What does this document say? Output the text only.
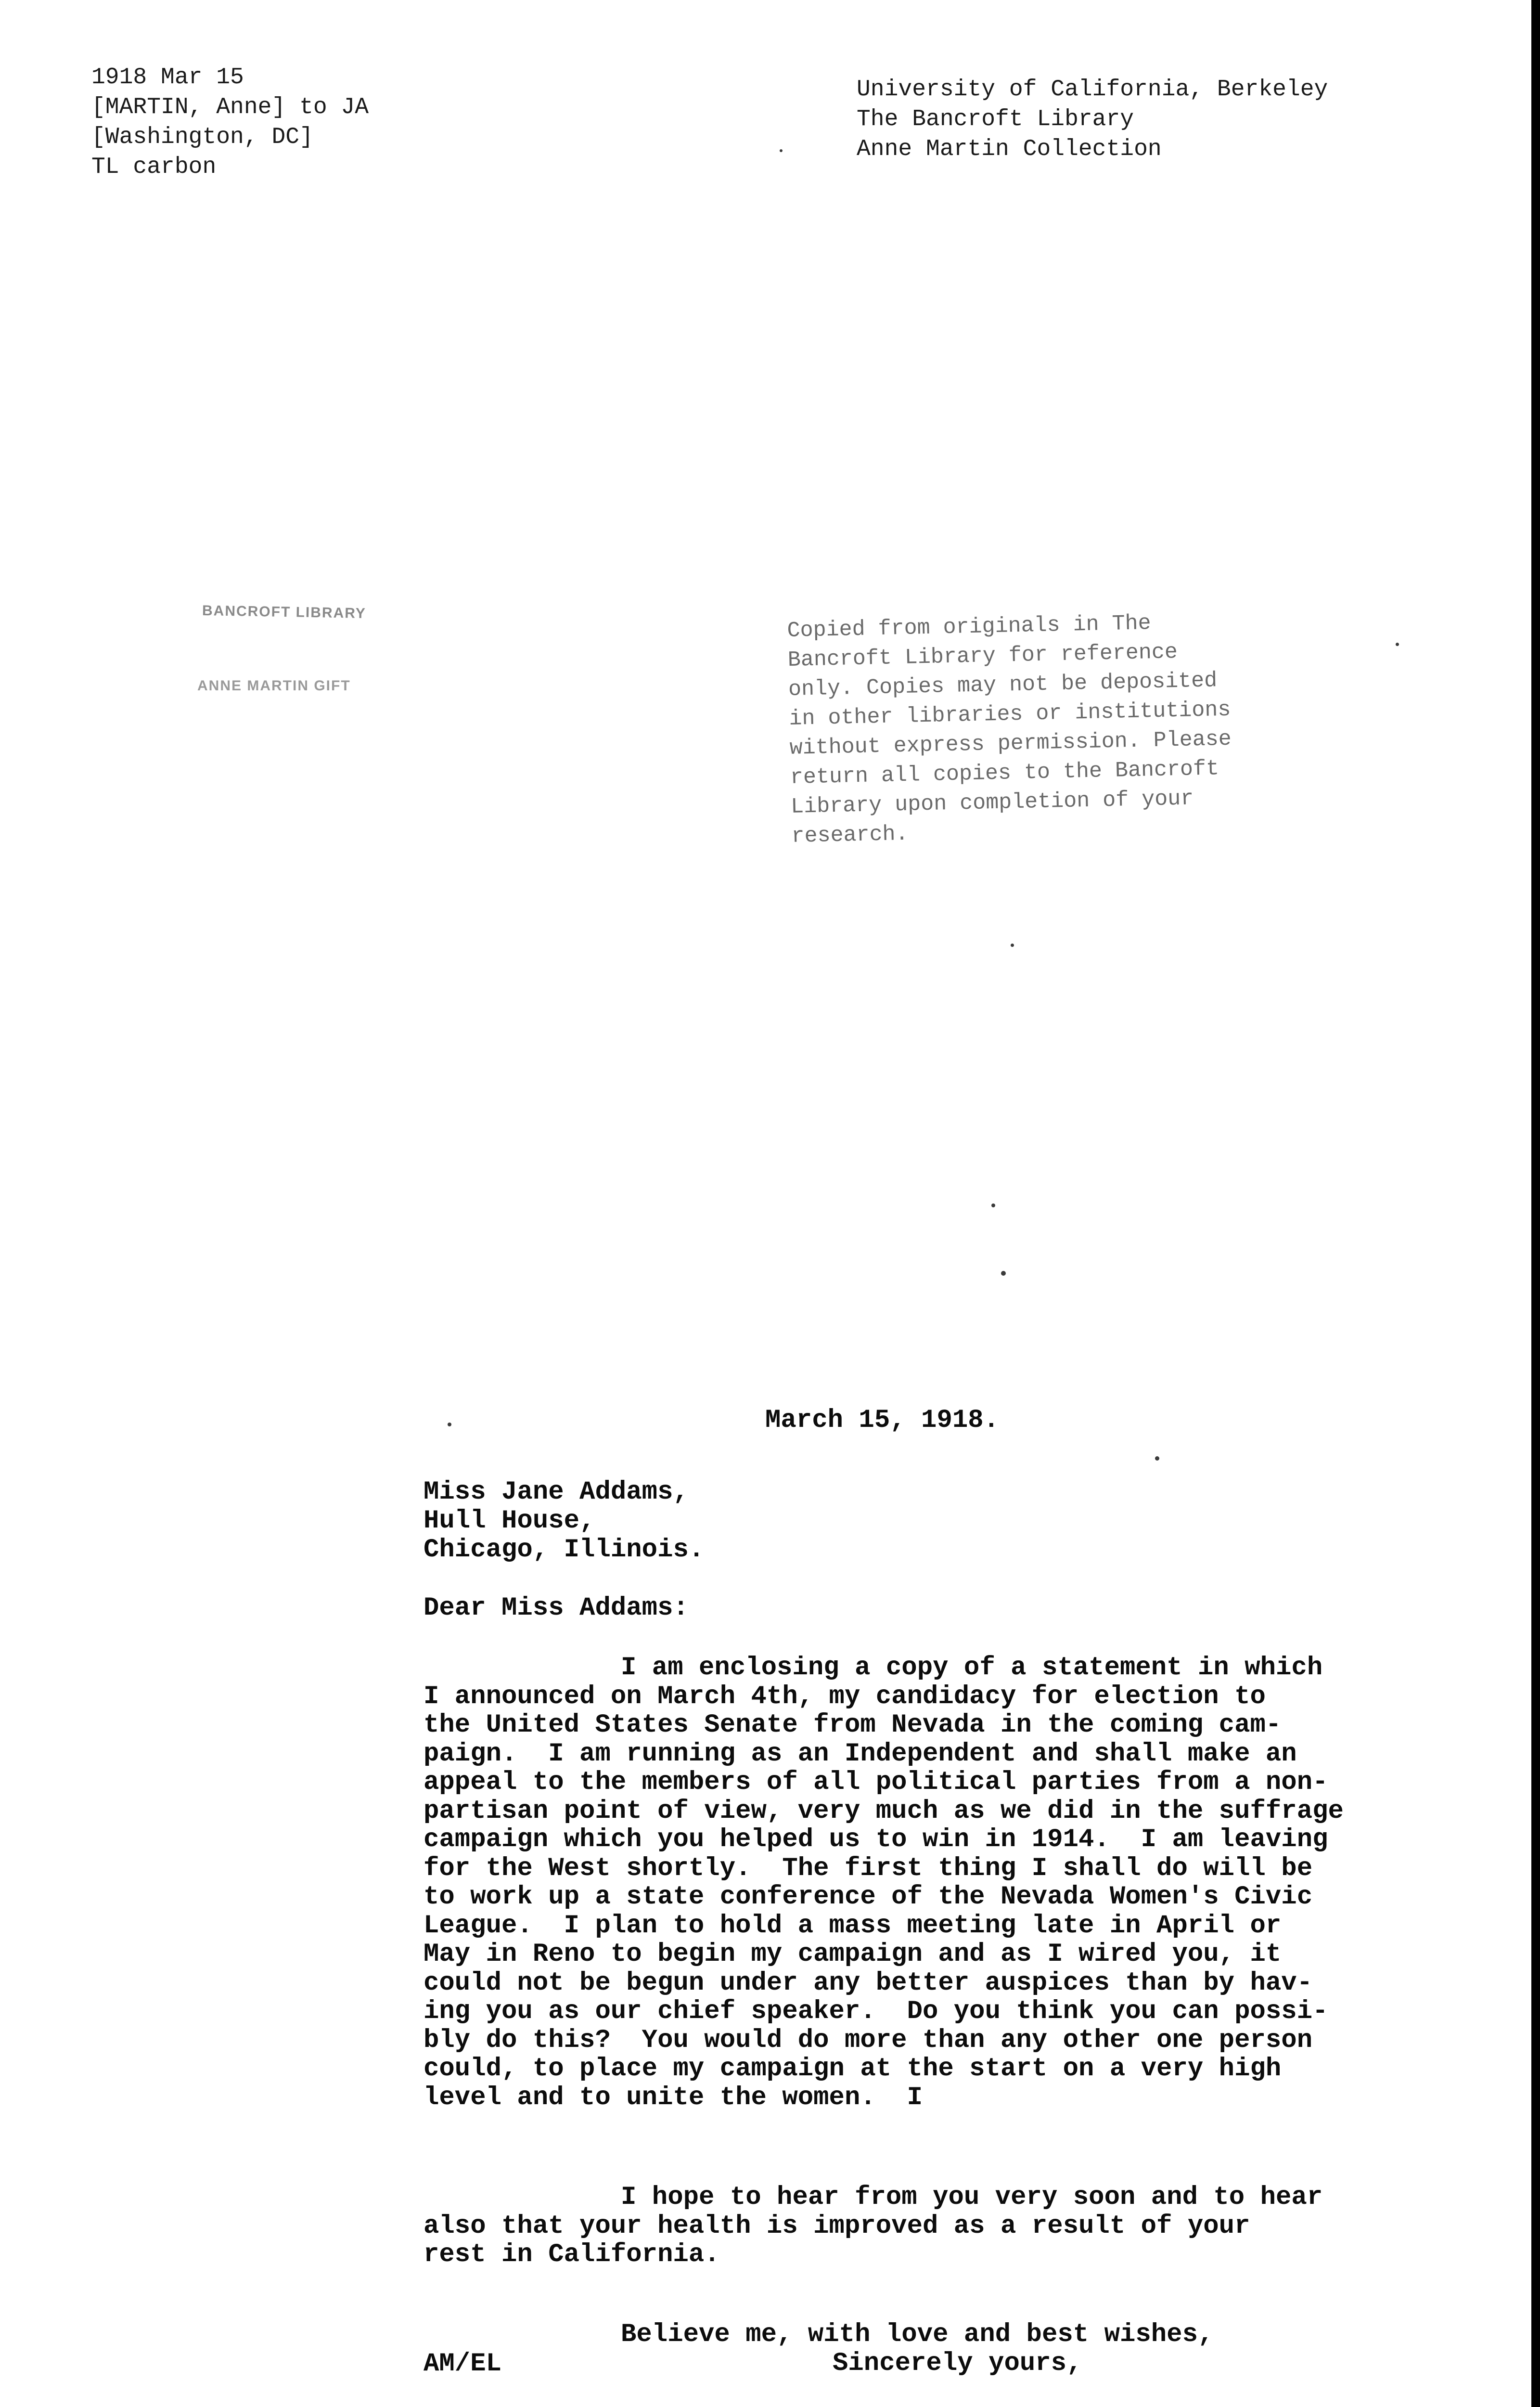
1918 Mar 15
[MARTIN, Anne] to JA
[Washington, DC]
TL carbon
University of California, Berkeley
The Bancroft Library
Anne Martin Collection
BANCROFT LIBRARY
ANNE MARTIN GIFT
Copied from originals in The
Bancroft Library for reference
only. Copies may not be deposited
in other libraries or institutions
without express permission. Please
return all copies to the Bancroft
Library upon completion of your
research.
March 15, 1918.
Miss Jane Addams,
Hull House,
Chicago, Illinois.
Dear Miss Addams:
I am enclosing a copy of a statement in which
I announced on March 4th, my candidacy for election to
the United States Senate from Nevada in the coming cam-
paign.  I am running as an Independent and shall make an
appeal to the members of all political parties from a non-
partisan point of view, very much as we did in the suffrage
campaign which you helped us to win in 1914.  I am leaving
for the West shortly.  The first thing I shall do will be
to work up a state conference of the Nevada Women's Civic
League.  I plan to hold a mass meeting late in April or
May in Reno to begin my campaign and as I wired you, it
could not be begun under any better auspices than by hav-
ing you as our chief speaker.  Do you think you can possi-
bly do this?  You would do more than any other one person
could, to place my campaign at the start on a very high
level and to unite the women.  I
I hope to hear from you very soon and to hear
also that your health is improved as a result of your
rest in California.
Believe me, with love and best wishes,
Sincerely yours,
AM/EL
